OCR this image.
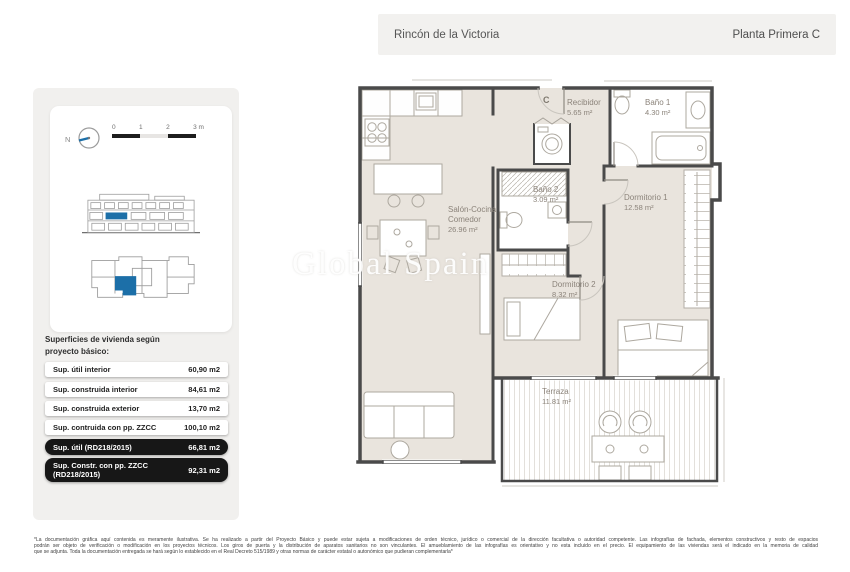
Rincón de la Victoria	Planta Primera C
N
0	1	2	3 m
Superficies de vivienda según
proyecto básico:
Sup. útil interior	60,90 m2
Sup. construida interior	84,61 m2
Sup. construida exterior	13,70 m2
Sup. contruida con pp. ZZCC	100,10 m2
Sup. útil (RD218/2015)	66,81 m2
Sup. Constr. con pp. ZZCC (RD218/2015)	92,31 m2
C Recibidor
5.65 m²
Baño 1
4.30 m²
Baño 2
3.09 m²	Dormitorio 1
12.58 m²
Dormitorio 2
8.32 m²
Salón-Cocina
Comedor
26.96 m²
Terraza
11.81 m²
Global Spain
*La documentación gráfica aquí contenida es meramente ilustrativa. Se ha realizado a partir del Proyecto Básico y puede estar sujeta a modificaciones de orden técnico, jurídico o comercial de la dirección facultativa o autoridad competente. Las infografías de fachada, elementos constructivos y resto de espacios
podrán ser objeto de verificación o modificación en los proyectos técnicos. Los giros de puerta y la distribución de aparatos sanitarios no son vinculantes. El amueblamiento de las infografías es orientativo y no esta incluido en el precio. El equipamiento de las viviendas será el indicado en la memoria de calidad
que se adjunta. Toda la documentación entregada se hará según lo establecido en el Real Decreto 515/1989 y otras normas de carácter estatal o autonómico que pudieran complementarla*
